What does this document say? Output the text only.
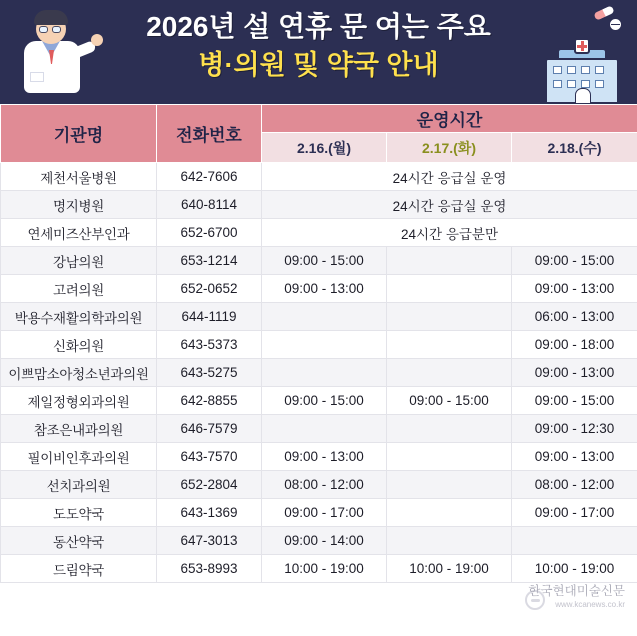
2026년 설 연휴 문 여는 주요
병·의원 및 약국 안내
기관명	전화번호	운영시간		
		2.16.(월)	2.17.(화)	2.18.(수)
제천서울병원	642-7606	24시간 응급실 운영		
명지병원	640-8114	24시간 응급실 운영		
연세미즈산부인과	652-6700	24시간 응급분만		
강남의원	653-1214	09:00 - 15:00		09:00 - 15:00
고려의원	652-0652	09:00 - 13:00		09:00 - 13:00
박용수재활의학과의원	644-1119			06:00 - 13:00
신화의원	643-5373			09:00 - 18:00
이쁘맘소아청소년과의원	643-5275			09:00 - 13:00
제일정형외과의원	642-8855	09:00 - 15:00	09:00 - 15:00	09:00 - 15:00
참조은내과의원	646-7579			09:00 - 12:30
필이비인후과의원	643-7570	09:00 - 13:00		09:00 - 13:00
선치과의원	652-2804	08:00 - 12:00		08:00 - 12:00
도도약국	643-1369	09:00 - 17:00		09:00 - 17:00
동산약국	647-3013	09:00 - 14:00		
드림약국	653-8993	10:00 - 19:00	10:00 - 19:00	10:00 - 19:00
한국현대미술신문
www.kcanews.co.kr
